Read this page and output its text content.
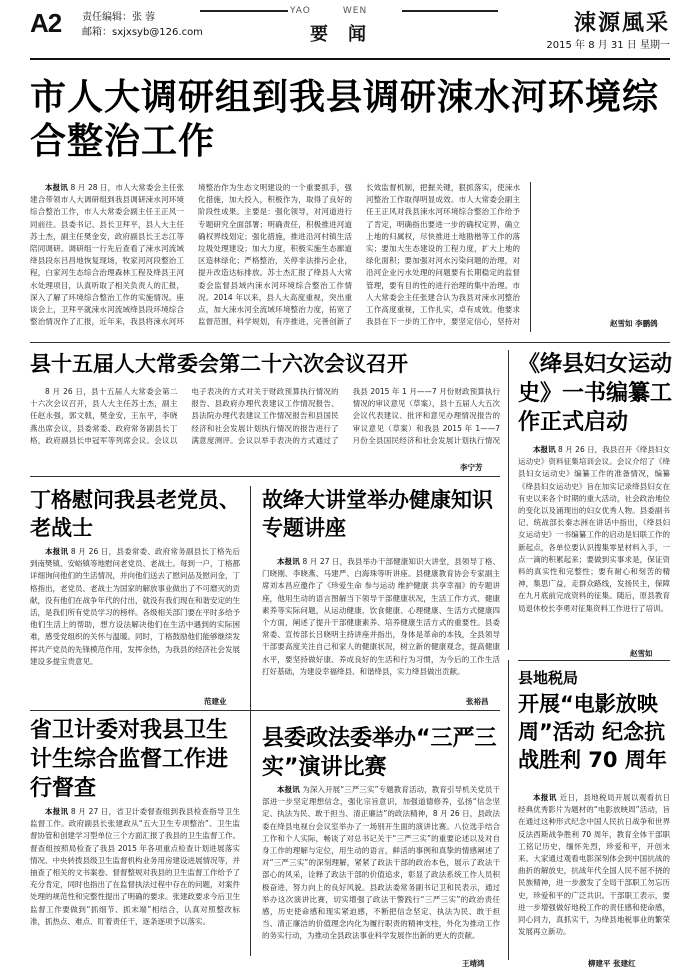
A2 责任编辑：张 蓉
邮箱：sxjxsyb@126.com
YAO	WEN
要闻	涑源風采
2015 年 8 月 31 日 星期一
市人大调研组到我县调研涑水河环境综合整治工作
本报讯 8 月 28 日，市人大常委会主任张建合带领市人大调研组到我县调研涑水河环境综合整治工作，市人大常委会副主任王正风一同前往。县委书记、县长卫拜平，县人大主任苏士杰，副主任樊金安，政府副县长王志江等陪同调研。调研组一行先后查看了涑水河流域绛县段东吕昌地恢复现场，牧家河河段整治工程，白家河生态综合治理森林工程及绛县王河水处理项目，认真听取了相关负责人的汇报，深入了解了环境综合整治工作的实施情况。座谈会上，卫拜平就涑水河流域绛县段环境综合整治情况作了汇报，近年来，我县将涑水河环境整治作为生态文明建设的一个重要抓手，强化措施，加大投入，积极作为，取得了良好的阶段性成果。主要是：强化领导，对河道进行专题研究全面部署；明确责任，积极推进河道确权界线划定；强化措施，推进沿河村镇生活垃圾处理建设；加大力度，积极实施生态廊道区造林绿化；严格整治，关停非法排污企业，提升改造达标排放。苏士杰汇报了绛县人大常委会监督县域内涑水河环境综合整治工作情况。2014 年以来，县人大高度重视，突出重点，加大涑水河全流域环境整治力度，拓宽了监督范围，科学规划，有序推进，完善创新了长效监督机制，把握关键，狠抓落实，使涑水河整治工作取得明显成效。市人大常委会副主任王正风对我县涑水河环境综合整治工作给予了肯定，明确指出要进一步的确权定界，确立上地的归属权，尽快推进土地勘楷等工作的落实；要加大生态建设的工程力度，扩大上地的绿化面积；要加强对河水污染问题的治理，对沿河企业污水处理的问题要有长期稳定的监督管理，要有目的性的进行治理的集中治理。市人大常委会主任张建合认为我县对涑水河整治工作高度重视，工作扎实，卓有成效。他要求我县在下一步的工作中，要坚定信心，坚持对	赵雪如 李鹏鸽
县十五届人大常委会第二十六次会议召开
8 月 26 日，县十五届人大常委会第二十六次会议召开，县人大主任苏士杰，副主任赵永强，郭文戟，樊金安，王东平，李晓燕出席会议，县委常委、政府常务副县长丁格，政府副县长申冠军等列席会议。会议以电子表决的方式对关于财政预算执行情况的报告、县政府办理代表建议工作情况报告、县法院办理代表建议工作情况报告和县国民经济和社会发展计划执行情况的报告进行了满意度测评。会议以举手表决的方式通过了我县 2015 年 1 月——7 月份财政预算执行情况的审议意见（草案），县十五届人大五次会议代表建议、批评和意见办理情况报告的审议意见（草案）和我县 2015 年 1——7 月份全县国民经济和社会发展计划执行情况
李宁芳
《绛县妇女运动史》一书编纂工作正式启动
本报讯 8 月 26 日，我县召开《绛县妇女运动史》资料征集培训会议。会议介绍了《绛县妇女运动史》编纂工作的准备情况，编纂《绛县妇女运动史》旨在加实记录绛县妇女在有史以来各个时期的重大活动，社会政治地位的变化以及涌现出的妇女优秀人物。县委副书记、统战部长秦志洲在讲话中指出，《绛县妇女运动史》一书编纂工作的启动是妇联工作的新起点，各单位要认识搜集零星材料入手，一点一滴的积累起来；要做到实事求是，保证资料的真实性和完整性；要有耐心和刻苦的精神，集思广益，走群众路线，发扬民主，保障在九月底前完成资料的征集。随后，原县教育局退休校长李勇对征集资料工作进行了培训。
赵雪如
丁格慰问我县老党员、老战士
本报讯 8 月 26 日，县委常委、政府常务副县长丁格先后到南樊镇、安峪镇等地慰问老党员、老战士。每到一户，丁格都详细询问他们的生活情况，并向他们送去了慰问品及慰问金，丁格指出，老党员、老战士为国家的解放事业做出了不可磨灭的贡献，没有他们在战争年代的付出，就没有我们现在和谐安定的生活，是我们所有党员学习的榜样。各级相关部门要在平时多给予他们生活上的帮助，想方设法解决他们在生活中遇到的实际困难，感受党组织的关怀与温暖。同时，丁格鼓励他们能够继续发挥共产党员的先锋模范作用，发挥余热，为我县的经济社会发展建设多提宝贵意见。
范建业
故绛大讲堂举办健康知识专题讲座
本报讯 8 月 27 日，我县举办干部健康知识大讲堂，县领导丁格、门晓刚、李晓燕、马建严、白海珠等听讲座。县健康教育协会专家副主席刘本昌应邀作了《珍爱生命 参与运动 维护健康 共享幸福》的专题讲座，他用生动的语言图解当下领导干部健康状况，生活工作方式、健康素养等实际问题，从运动健康、饮食健康、心理健康、生活方式健康四个方面，阐述了提升干部健康素养、培养健康生活方式的重要性。县委常委、宣传部长吕晓明主持讲座并指出，身体是革命的本钱，全县领导干部要高度关注自己和家人的健康状况，树立新的健康观念，提高健康水平，要坚持做好康、养成良好的生活和行为习惯，为今后的工作生活打好基础，为建设幸福绛县、和谐绛县，实力绛县做出贡献。
张裕昌
省卫计委对我县卫生计生综合监督工作进行督查
本报讯 8 月 27 日，省卫计委督查组到我县检查指导卫生监督工作。政府副县长张建政从“五大卫生专项整治”、卫生监督协管和创建学习型单位三个方面汇报了我县的卫生监督工作。督查组按照局检查了我县 2015 年各项重点检查计划进展落实情况、中央转拨县级卫生监督机构业务用房建设进展情况等，并抽查了相关的文书案卷、督督整规对我县的卫生监督工作给予了充分肯定，同时也指出了在监督执法过程中存在的问题，对案件处理的规范性和完整性提出了明确的要求。张建政要求今后卫生监督工作要做到“抓细节、抓末端”相结合，认真对照整改标准，抓热点、难点、盯着责任干，逐条逐项予以落实。
县委政法委举办“三严三实”演讲比赛
本报讯 为深入开展“三严三实”专题教育活动，教育引导机关党员干部进一步坚定理想信念，强化宗旨意识，加强道德修养，弘扬“信念坚定、执法为民、敢于担当、清正廉洁”的政法精神，8 月 26 日，县政法委在绛县电视台会议室举办了一场别开生面的演讲比赛。八位选手结合工作和个人实际，畅谈了对总书记关于“三严三实”的重要论述以及对自身工作的理解与定位，用生动的语言，鲜活的事例和真挚的情感阐述了对“三严三实”的深刻理解，紧紧了政法干部的政治本色，展示了政法干部心的风采，诠释了政法干部的价值追求，彰显了政法系统工作人员积极奋进、努力向上的良好风貌。县政法委常务副书记卫和民表示，通过举办这次演讲比赛，切实增强了政法干警践行“三严三实”的政治责任感，历史使命感和现实紧迫感，不断把信念坚定、执法为民、敢于担当、清正廉洁的价值理念内化为履行职责的精神支柱，外化为推动工作的务实行动，为推动全县政法事业科学发展作出新的更大的贡献。
王靖鸿
县地税局
开展“电影放映周”活动 纪念抗战胜利 70 周年
本报讯 近日，县地税局开展以观看抗日经典优秀影片为题材的“电影放映周”活动，旨在通过这种形式纪念中国人民抗日战争和世界反法西斯战争胜利 70 周年，教育全体干部职工铭记历史，缅怀先烈，珍爱和平，开创未来。大家通过观看电影深刻体会到中国抗战的曲折的解放史，抗战年代全国人民不屈不挠的民族精神，进一步激发了全局干部职工勿忘历史，珍爱和平的广泛共识。干部职工表示，要进一步增强做好地税工作的责任感和使命感，同心同力，真抓实干，为绛县地税事业的繁荣发展再立新功。
柳建平 张建红
